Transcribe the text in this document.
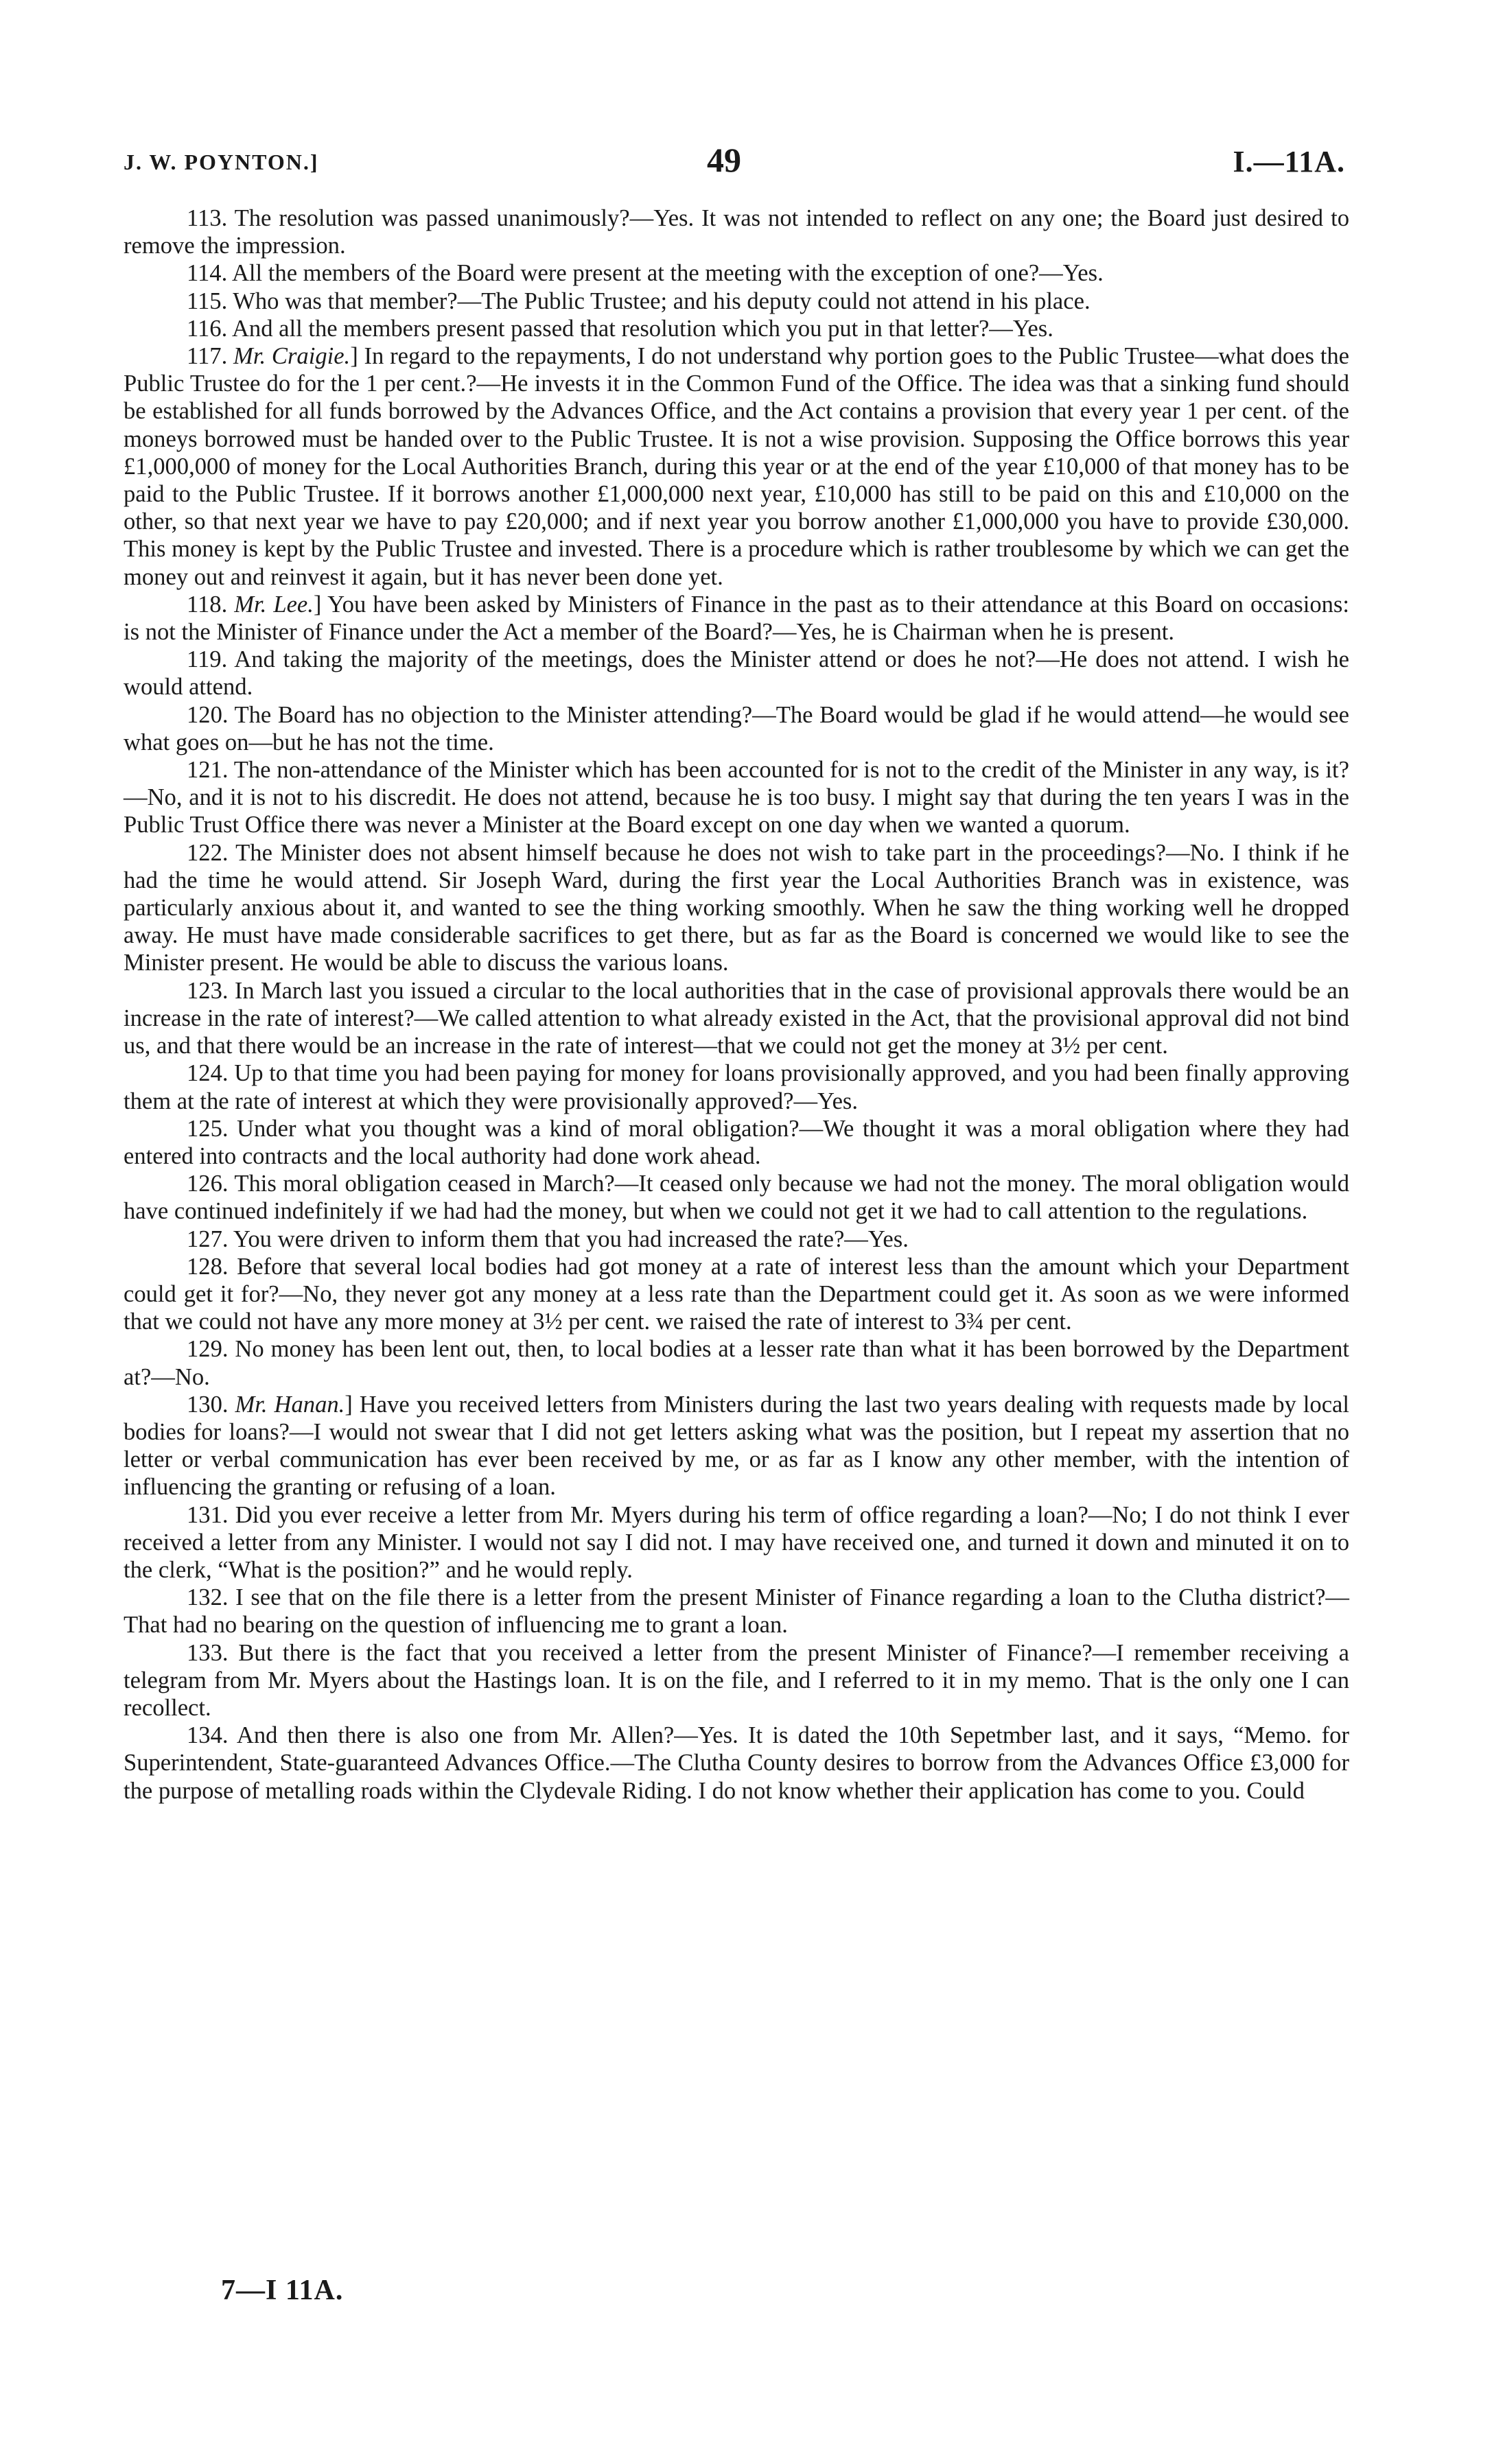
J. W. POYNTON.]	49	I.—11A.

113. The resolution was passed unanimously?—Yes. It was not intended to reflect on any one; the Board just desired to remove the impression.

114. All the members of the Board were present at the meeting with the exception of one?—Yes.

115. Who was that member?—The Public Trustee; and his deputy could not attend in his place.

116. And all the members present passed that resolution which you put in that letter?—Yes.

117. Mr. Craigie.] In regard to the repayments, I do not understand why portion goes to the Public Trustee—what does the Public Trustee do for the 1 per cent.?—He invests it in the Common Fund of the Office. The idea was that a sinking fund should be established for all funds borrowed by the Advances Office, and the Act contains a provision that every year 1 per cent. of the moneys borrowed must be handed over to the Public Trustee. It is not a wise provision. Supposing the Office borrows this year £1,000,000 of money for the Local Authorities Branch, during this year or at the end of the year £10,000 of that money has to be paid to the Public Trustee. If it borrows another £1,000,000 next year, £10,000 has still to be paid on this and £10,000 on the other, so that next year we have to pay £20,000; and if next year you borrow another £1,000,000 you have to provide £30,000. This money is kept by the Public Trustee and invested. There is a procedure which is rather troublesome by which we can get the money out and reinvest it again, but it has never been done yet.

118. Mr. Lee.] You have been asked by Ministers of Finance in the past as to their attendance at this Board on occasions: is not the Minister of Finance under the Act a member of the Board?—Yes, he is Chairman when he is present.

119. And taking the majority of the meetings, does the Minister attend or does he not?—He does not attend. I wish he would attend.

120. The Board has no objection to the Minister attending?—The Board would be glad if he would attend—he would see what goes on—but he has not the time.

121. The non-attendance of the Minister which has been accounted for is not to the credit of the Minister in any way, is it?—No, and it is not to his discredit. He does not attend, because he is too busy. I might say that during the ten years I was in the Public Trust Office there was never a Minister at the Board except on one day when we wanted a quorum.

122. The Minister does not absent himself because he does not wish to take part in the proceedings?—No. I think if he had the time he would attend. Sir Joseph Ward, during the first year the Local Authorities Branch was in existence, was particularly anxious about it, and wanted to see the thing working smoothly. When he saw the thing working well he dropped away. He must have made considerable sacrifices to get there, but as far as the Board is concerned we would like to see the Minister present. He would be able to discuss the various loans.

123. In March last you issued a circular to the local authorities that in the case of provisional approvals there would be an increase in the rate of interest?—We called attention to what already existed in the Act, that the provisional approval did not bind us, and that there would be an increase in the rate of interest—that we could not get the money at 3½ per cent.

124. Up to that time you had been paying for money for loans provisionally approved, and you had been finally approving them at the rate of interest at which they were provisionally approved?—Yes.

125. Under what you thought was a kind of moral obligation?—We thought it was a moral obligation where they had entered into contracts and the local authority had done work ahead.

126. This moral obligation ceased in March?—It ceased only because we had not the money. The moral obligation would have continued indefinitely if we had had the money, but when we could not get it we had to call attention to the regulations.

127. You were driven to inform them that you had increased the rate?—Yes.

128. Before that several local bodies had got money at a rate of interest less than the amount which your Department could get it for?—No, they never got any money at a less rate than the Department could get it. As soon as we were informed that we could not have any more money at 3½ per cent. we raised the rate of interest to 3¾ per cent.

129. No money has been lent out, then, to local bodies at a lesser rate than what it has been borrowed by the Department at?—No.

130. Mr. Hanan.] Have you received letters from Ministers during the last two years dealing with requests made by local bodies for loans?—I would not swear that I did not get letters asking what was the position, but I repeat my assertion that no letter or verbal communication has ever been received by me, or as far as I know any other member, with the intention of influencing the granting or refusing of a loan.

131. Did you ever receive a letter from Mr. Myers during his term of office regarding a loan?—No; I do not think I ever received a letter from any Minister. I would not say I did not. I may have received one, and turned it down and minuted it on to the clerk, “What is the position?” and he would reply.

132. I see that on the file there is a letter from the present Minister of Finance regarding a loan to the Clutha district?—That had no bearing on the question of influencing me to grant a loan.

133. But there is the fact that you received a letter from the present Minister of Finance?—I remember receiving a telegram from Mr. Myers about the Hastings loan. It is on the file, and I referred to it in my memo. That is the only one I can recollect.

134. And then there is also one from Mr. Allen?—Yes. It is dated the 10th Sepetmber last, and it says, “Memo. for Superintendent, State-guaranteed Advances Office.—The Clutha County desires to borrow from the Advances Office £3,000 for the purpose of metalling roads within the Clydevale Riding. I do not know whether their application has come to you. Could

7—I 11A.
